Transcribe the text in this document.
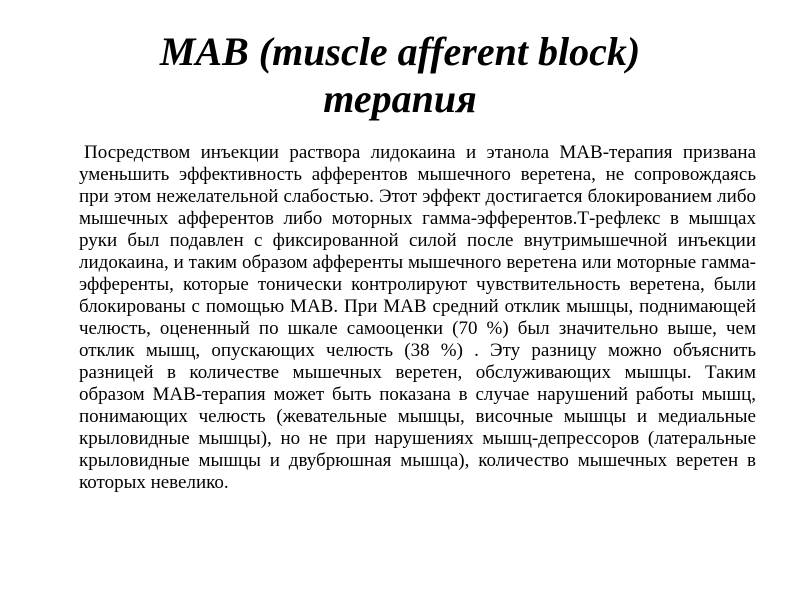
MAB (muscle afferent block)
терапия

Посредством инъекции раствора лидокаина и этанола МАВ-терапия призвана уменьшить эффективность афферентов мышечного веретена, не сопровождаясь при этом нежелательной слабостью. Этот эффект достигается блокированием либо мышечных афферентов либо моторных гамма-эфферентов.Т-рефлекс в мышцах руки был подавлен с фиксированной силой после внутримышечной инъекции лидокаина, и таким образом афференты мышечного веретена или моторные гамма-эфференты, которые тонически контролируют чувствительность веретена, были блокированы с помощью МАВ. При МАВ средний отклик мышцы, поднимающей челюсть, оцененный по шкале самооценки (70 %) был значительно выше, чем отклик мышц, опускающих челюсть (38 %) . Эту разницу можно объяснить разницей в количестве мышечных веретен, обслуживающих мышцы. Таким образом МАВ-терапия может быть показана в случае нарушений работы мышц, понимающих челюсть (жевательные мышцы, височные мышцы и медиальные крыловидные мышцы), но не при нарушениях мышц-депрессоров (латеральные крыловидные мышцы и двубрюшная мышца), количество мышечных веретен в которых невелико.
